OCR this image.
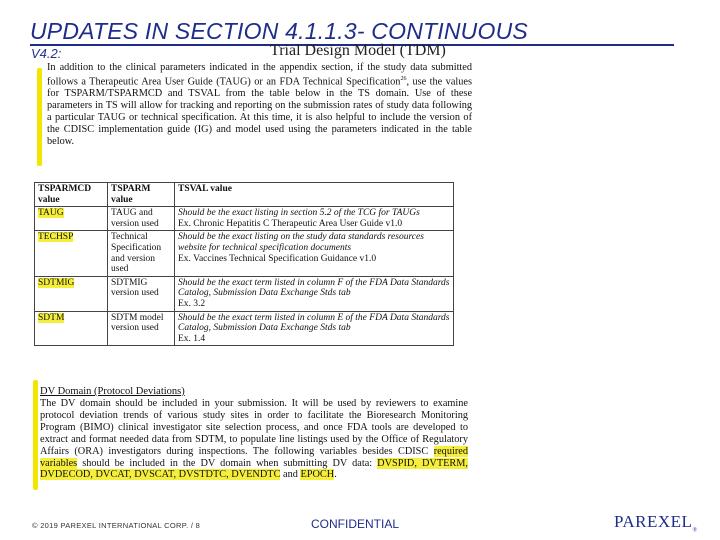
UPDATES IN SECTION 4.1.1.3- CONTINUOUS
V4.2:	Trial Design Model (TDM)
In addition to the clinical parameters indicated in the appendix section, if the study data submitted follows a Therapeutic Area User Guide (TAUG) or an FDA Technical Specification$^{26}$, use the values for TSPARM/TSPARMCD and TSVAL from the table below in the TS domain. Use of these parameters in TS will allow for tracking and reporting on the submission rates of study data following a particular TAUG or technical specification. At this time, it is also helpful to include the version of the CDISC implementation guide (IG) and model used using the parameters indicated in the table below.
TSPARMCD value	TSPARM value	TSVAL value
TAUG	TAUG and version used	Should be the exact listing in section 5.2 of the TCG for TAUGs
Ex. Chronic Hepatitis C Therapeutic Area User Guide v1.0
TECHSP	Technical Specification and version used	Should be the exact listing on the study data standards resources website for technical specification documents
Ex. Vaccines Technical Specification Guidance v1.0
SDTMIG	SDTMIG version used	Should be the exact term listed in column F of the FDA Data Standards Catalog, Submission Data Exchange Stds tab
Ex. 3.2
SDTM	SDTM model version used	Should be the exact term listed in column E of the FDA Data Standards Catalog, Submission Data Exchange Stds tab
Ex. 1.4
DV Domain (Protocol Deviations)
The DV domain should be included in your submission. It will be used by reviewers to examine protocol deviation trends of various study sites in order to facilitate the Bioresearch Monitoring Program (BIMO) clinical investigator site selection process, and once FDA tools are developed to extract and format needed data from SDTM, to populate line listings used by the Office of Regulatory Affairs (ORA) investigators during inspections. The following variables besides CDISC required variables should be included in the DV domain when submitting DV data: DVSPID, DVTERM, DVDECOD, DVCAT, DVSCAT, DVSTDTC, DVENDTC and EPOCH.
© 2019 PAREXEL INTERNATIONAL CORP. / 8	CONFIDENTIAL	$PAREXEL_®$
